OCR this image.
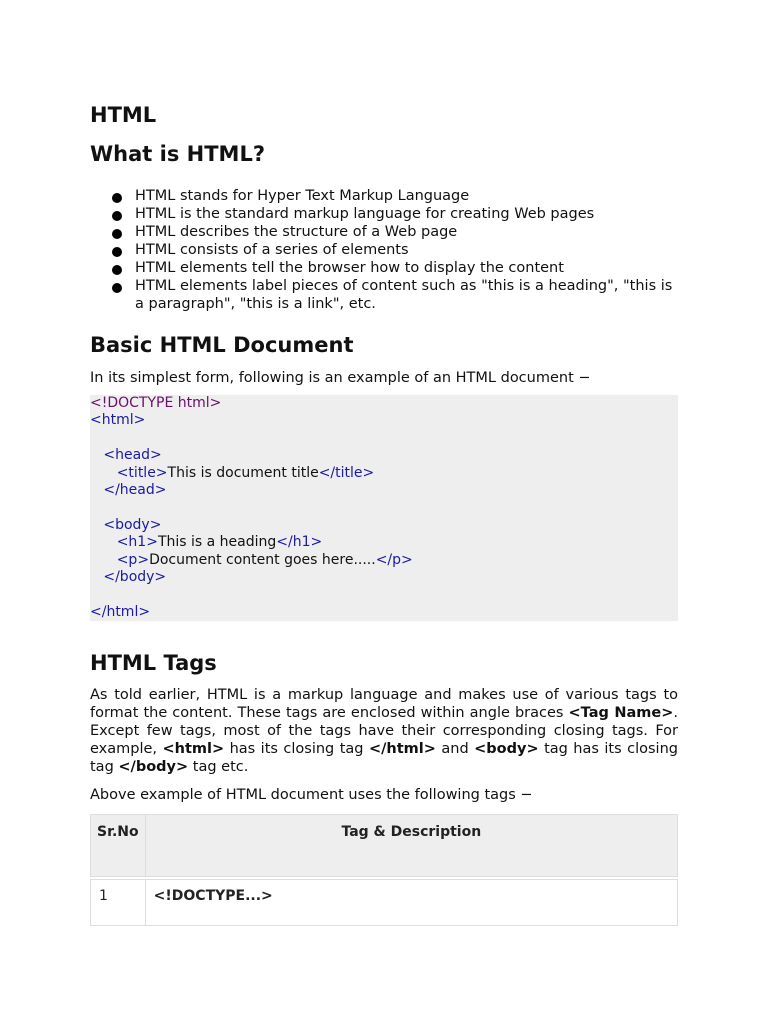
HTML
What is HTML?
HTML stands for Hyper Text Markup Language
HTML is the standard markup language for creating Web pages
HTML describes the structure of a Web page
HTML consists of a series of elements
HTML elements tell the browser how to display the content
HTML elements label pieces of content such as "this is a heading", "this is a paragraph", "this is a link", etc.
Basic HTML Document

In its simplest form, following is an example of an HTML document −

<!DOCTYPE html>
<html>

<head>
<title>This is document title</title>
</head>

<body>
<h1>This is a heading</h1>
<p>Document content goes here.....</p>
</body>

</html>
HTML Tags

As told earlier, HTML is a markup language and makes use of various tags to format the content. These tags are enclosed within angle braces <Tag Name>. Except few tags, most of the tags have their corresponding closing tags. For example, <html> has its closing tag </html> and <body> tag has its closing tag </body> tag etc.

Above example of HTML document uses the following tags −

Sr.No	Tag & Description

1	<!DOCTYPE...>
